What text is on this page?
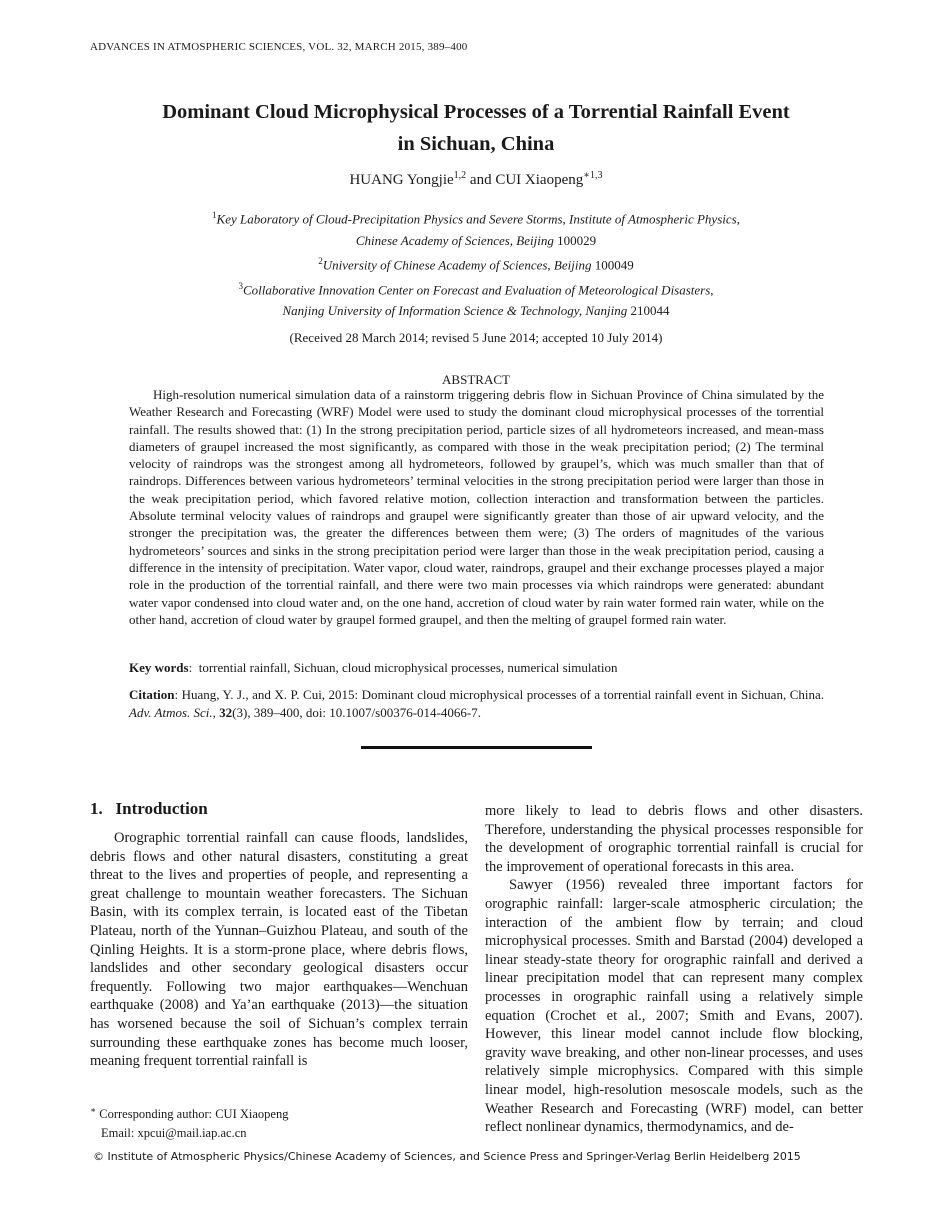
ADVANCES IN ATMOSPHERIC SCIENCES, VOL. 32, MARCH 2015, 389–400
Dominant Cloud Microphysical Processes of a Torrential Rainfall Event
in Sichuan, China
HUANG Yongjie$^{1,2}$ and CUI Xiaopeng$^{∗1,3}$
$^1$Key Laboratory of Cloud-Precipitation Physics and Severe Storms, Institute of Atmospheric Physics,
Chinese Academy of Sciences, Beijing 100029
$^2$University of Chinese Academy of Sciences, Beijing 100049
$^3$Collaborative Innovation Center on Forecast and Evaluation of Meteorological Disasters,
Nanjing University of Information Science & Technology, Nanjing 210044
(Received 28 March 2014; revised 5 June 2014; accepted 10 July 2014)
ABSTRACT

High-resolution numerical simulation data of a rainstorm triggering debris flow in Sichuan Province of China simulated by the Weather Research and Forecasting (WRF) Model were used to study the dominant cloud microphysical processes of the torrential rainfall. The results showed that: (1) In the strong precipitation period, particle sizes of all hydrometeors increased, and mean-mass diameters of graupel increased the most significantly, as compared with those in the weak precipitation period; (2) The terminal velocity of raindrops was the strongest among all hydrometeors, followed by graupel’s, which was much smaller than that of raindrops. Differences between various hydrometeors’ terminal velocities in the strong precipitation period were larger than those in the weak precipitation period, which favored relative motion, collection interaction and transformation between the particles. Absolute terminal velocity values of raindrops and graupel were significantly greater than those of air upward velocity, and the stronger the precipitation was, the greater the differences between them were; (3) The orders of magnitudes of the various hydrometeors’ sources and sinks in the strong precipitation period were larger than those in the weak precipitation period, causing a difference in the intensity of precipitation. Water vapor, cloud water, raindrops, graupel and their exchange processes played a major role in the production of the torrential rainfall, and there were two main processes via which raindrops were generated: abundant water vapor condensed into cloud water and, on the one hand, accretion of cloud water by rain water formed rain water, while on the other hand, accretion of cloud water by graupel formed graupel, and then the melting of graupel formed rain water.

Key words:  torrential rainfall, Sichuan, cloud microphysical processes, numerical simulation
Citation: Huang, Y. J., and X. P. Cui, 2015: Dominant cloud microphysical processes of a torrential rainfall event in Sichuan, China. Adv. Atmos. Sci., 32(3), 389–400, doi: 10.1007/s00376-014-4066-7.
1.   Introduction

Orographic torrential rainfall can cause floods, landslides, debris flows and other natural disasters, constituting a great threat to the lives and properties of people, and representing a great challenge to mountain weather forecasters. The Sichuan Basin, with its complex terrain, is located east of the Tibetan Plateau, north of the Yunnan–Guizhou Plateau, and south of the Qinling Heights. It is a storm-prone place, where debris flows, landslides and other secondary geological disasters occur frequently. Following two major earthquakes—Wenchuan earthquake (2008) and Ya’an earthquake (2013)—the situation has worsened because the soil of Sichuan’s complex terrain surrounding these earthquake zones has become much looser, meaning frequent torrential rainfall is

more likely to lead to debris flows and other disasters. Therefore, understanding the physical processes responsible for the development of orographic torrential rainfall is crucial for the improvement of operational forecasts in this area.
Sawyer (1956) revealed three important factors for orographic rainfall: larger-scale atmospheric circulation; the interaction of the ambient flow by terrain; and cloud microphysical processes. Smith and Barstad (2004) developed a linear steady-state theory for orographic rainfall and derived a linear precipitation model that can represent many complex processes in orographic rainfall using a relatively simple equation (Crochet et al., 2007; Smith and Evans, 2007). However, this linear model cannot include flow blocking, gravity wave breaking, and other non-linear processes, and uses relatively simple microphysics. Compared with this simple linear model, high-resolution mesoscale models, such as the Weather Research and Forecasting (WRF) model, can better reflect nonlinear dynamics, thermodynamics, and de-

∗ Corresponding author: CUI Xiaopeng
Email: xpcui@mail.iap.ac.cn
© Institute of Atmospheric Physics/Chinese Academy of Sciences, and Science Press and Springer-Verlag Berlin Heidelberg 2015
